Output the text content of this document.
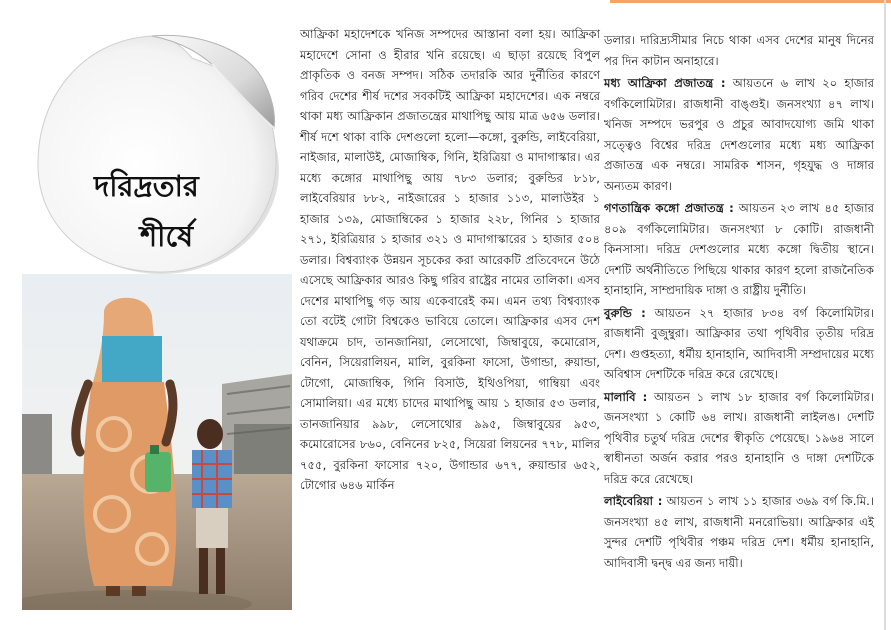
দরিদ্রতার
শীর্ষে

আফ্রিকা মহাদেশকে খনিজ সম্পদের আস্তানা বলা হয়। আফ্রিকা মহাদেশে সোনা ও হীরার খনি রয়েছে। এ ছাড়া রয়েছে বিপুল প্রাকৃতিক ও বনজ সম্পদ। সঠিক তদারকি আর দুর্নীতির কারণে গরিব দেশের শীর্ষ দশের সবকটিই আফ্রিকা মহাদেশের। এক নম্বরে থাকা মধ্য আফ্রিকান প্রজাতন্ত্রের মাথাপিছু আয় মাত্র ৬৫৬ ডলার। শীর্ষ দশে থাকা বাকি দেশগুলো হলো—কঙ্গো, বুরুন্ডি, লাইবেরিয়া, নাইজার, মালাউই, মোজাম্বিক, গিনি, ইরিত্রিয়া ও মাদাগাস্কার। এর মধ্যে কঙ্গোর মাথাপিছু আয় ৭৮৩ ডলার; বুরুন্ডির ৮১৮, লাইবেরিয়ার ৮৮২, নাইজারের ১ হাজার ১১৩, মালাউইর ১ হাজার ১৩৯, মোজাম্বিকের ১ হাজার ২২৮, গিনির ১ হাজার ২৭১, ইরিত্রিয়ার ১ হাজার ৩২১ ও মাদাগাস্কারের ১ হাজার ৫০৪ ডলার। বিশ্বব্যাংক উন্নয়ন সূচকের করা আরেকটি প্রতিবেদনে উঠে এসেছে আফ্রিকার আরও কিছু গরিব রাষ্ট্রের নামের তালিকা। এসব দেশের মাথাপিছু গড় আয় একেবারেই কম। এমন তথ্য বিশ্বব্যাংক তো বটেই গোটা বিশ্বকেও ভাবিয়ে তোলে। আফ্রিকার এসব দেশ যথাক্রমে চাদ, তানজানিয়া, লেসোথো, জিম্বাবুয়ে, কমোরোস, বেনিন, সিয়েরালিয়ন, মালি, বুরকিনা ফাসো, উগান্ডা, রুয়ান্ডা, টোগো, মোজাম্বিক, গিনি বিসাউ, ইথিওপিয়া, গাম্বিয়া এবং সোমালিয়া। এর মধ্যে চাদের মাথাপিছু আয় ১ হাজার ৫৩ ডলার, তানজানিয়ার ৯৯৮, লেসোথোর ৯৯৫, জিম্বাবুয়ের ৯৫৩, কমোরোসের ৮৬০, বেনিনের ৮২৫, সিয়েরা লিয়নের ৭৭৮, মালির ৭৫৫, বুরকিনা ফাসোর ৭২০, উগান্ডার ৬৭৭, রুয়ান্ডার ৬৫২, টোগোর ৬৪৬ মার্কিন

ডলার। দারিদ্র্যসীমার নিচে থাকা এসব দেশের মানুষ দিনের পর দিন কাটান অনাহারে।

মধ্য আফ্রিকা প্রজাতন্ত্র : আয়তনে ৬ লাখ ২০ হাজার বর্গকিলোমিটার। রাজধানী বাঙ্গুই। জনসংখ্যা ৪৭ লাখ। খনিজ সম্পদে ভরপুর ও প্রচুর আবাদযোগ্য জমি থাকা সত্ত্বেও বিশ্বের দরিদ্র দেশগুলোর মধ্যে মধ্য আফ্রিকা প্রজাতন্ত্র এক নম্বরে। সামরিক শাসন, গৃহযুদ্ধ ও দাঙ্গার অন্যতম কারণ।

গণতান্ত্রিক কঙ্গো প্রজাতন্ত্র : আয়তন ২৩ লাখ ৪৫ হাজার ৪০৯ বর্গকিলোমিটার। জনসংখ্যা ৮ কোটি। রাজধানী কিনসাসা। দরিদ্র দেশগুলোর মধ্যে কঙ্গো দ্বিতীয় স্থানে। দেশটি অর্থনীতিতে পিছিয়ে থাকার কারণ হলো রাজনৈতিক হানাহানি, সাম্প্রদায়িক দাঙ্গা ও রাষ্ট্রীয় দুর্নীতি।

বুরুন্ডি : আয়তন ২৭ হাজার ৮৩৪ বর্গ কিলোমিটার। রাজধানী বুজুম্বুরা। আফ্রিকার তথা পৃথিবীর তৃতীয় দরিদ্র দেশ। গুপ্তহত্যা, ধর্মীয় হানাহানি, আদিবাসী সম্প্রদায়ের মধ্যে অবিশ্বাস দেশটিকে দরিদ্র করে রেখেছে।

মালাবি : আয়তন ১ লাখ ১৮ হাজার বর্গ কিলোমিটার। জনসংখ্যা ১ কোটি ৬৪ লাখ। রাজধানী লাইলঙ। দেশটি পৃথিবীর চতুর্থ দরিদ্র দেশের স্বীকৃতি পেয়েছে। ১৯৬৪ সালে স্বাধীনতা অর্জন করার পরও হানাহানি ও দাঙ্গা দেশটিকে দরিদ্র করে রেখেছে।

লাইবেরিয়া : আয়তন ১ লাখ ১১ হাজার ৩৬৯ বর্গ কি.মি.। জনসংখ্যা ৪৫ লাখ, রাজধানী মনরোভিয়া। আফ্রিকার এই সুন্দর দেশটি পৃথিবীর পঞ্চম দরিদ্র দেশ। ধর্মীয় হানাহানি, আদিবাসী দ্বন্দ্ব এর জন্য দায়ী।
